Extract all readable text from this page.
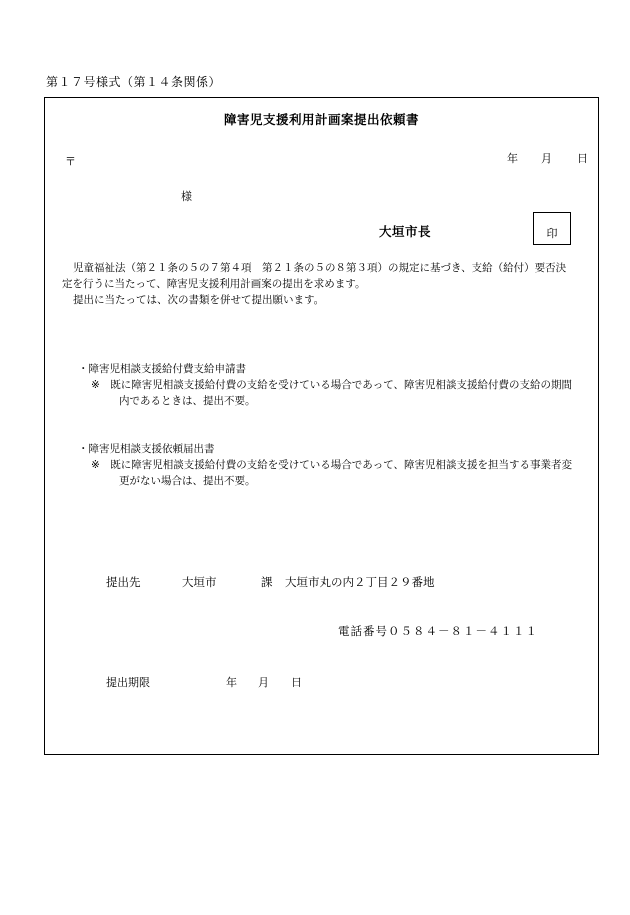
第１７号様式（第１４条関係）
障害児支援利用計画案提出依頼書
〒	年 月 日
様
大垣市長	印

児童福祉法（第２１条の５の７第４項　第２１条の５の８第３項）の規定に基づき、支給（給付）要否決

定を行うに当たって、障害児支援利用計画案の提出を求めます。

提出に当たっては、次の書類を併せて提出願います。

・障害児相談支援給付費支給申請書
※　既に障害児相談支援給付費の支給を受けている場合であって、障害児相談支援給付費の支給の期間
内であるときは、提出不要。
・障害児相談支援依頼届出書
※　既に障害児相談支援給付費の支給を受けている場合であって、障害児相談支援を担当する事業者変
更がない場合は、提出不要。
提出先	大垣市	課 大垣市丸の内２丁目２９番地
電話番号０５８４－８１－４１１１
提出期限	年 月 日
